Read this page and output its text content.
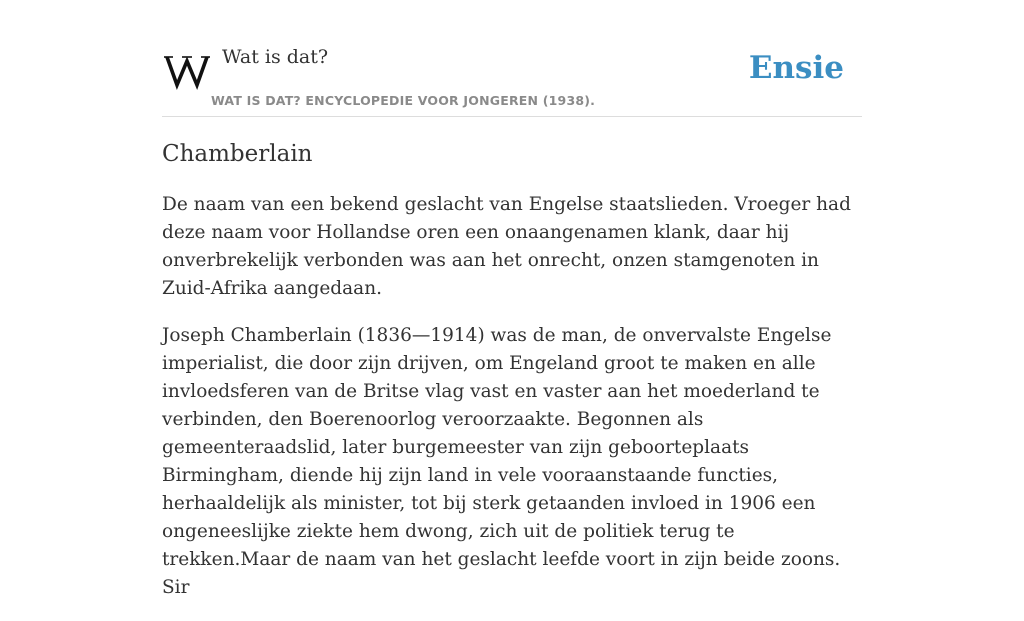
Wat is dat?
WAT IS DAT? ENCYCLOPEDIE VOOR JONGEREN (1938).
Ensie
Chamberlain

De naam van een bekend geslacht van Engelse staatslieden. Vroeger had deze naam voor Hollandse oren een onaangenamen klank, daar hij onverbrekelijk verbonden was aan het onrecht, onzen stamgenoten in Zuid-Afrika aangedaan.

Joseph Chamberlain (1836—1914) was de man, de onvervalste Engelse imperialist, die door zijn drijven, om Engeland groot te maken en alle invloedsferen van de Britse vlag vast en vaster aan het moederland te verbinden, den Boerenoorlog veroorzaakte. Begonnen als gemeenteraadslid, later burgemeester van zijn geboorteplaats Birmingham, diende hij zijn land in vele vooraanstaande functies, herhaaldelijk als minister, tot bij sterk getaanden invloed in 1906 een ongeneeslijke ziekte hem dwong, zich uit de politiek terug te trekken.Maar de naam van het geslacht leefde voort in zijn beide zoons. Sir
